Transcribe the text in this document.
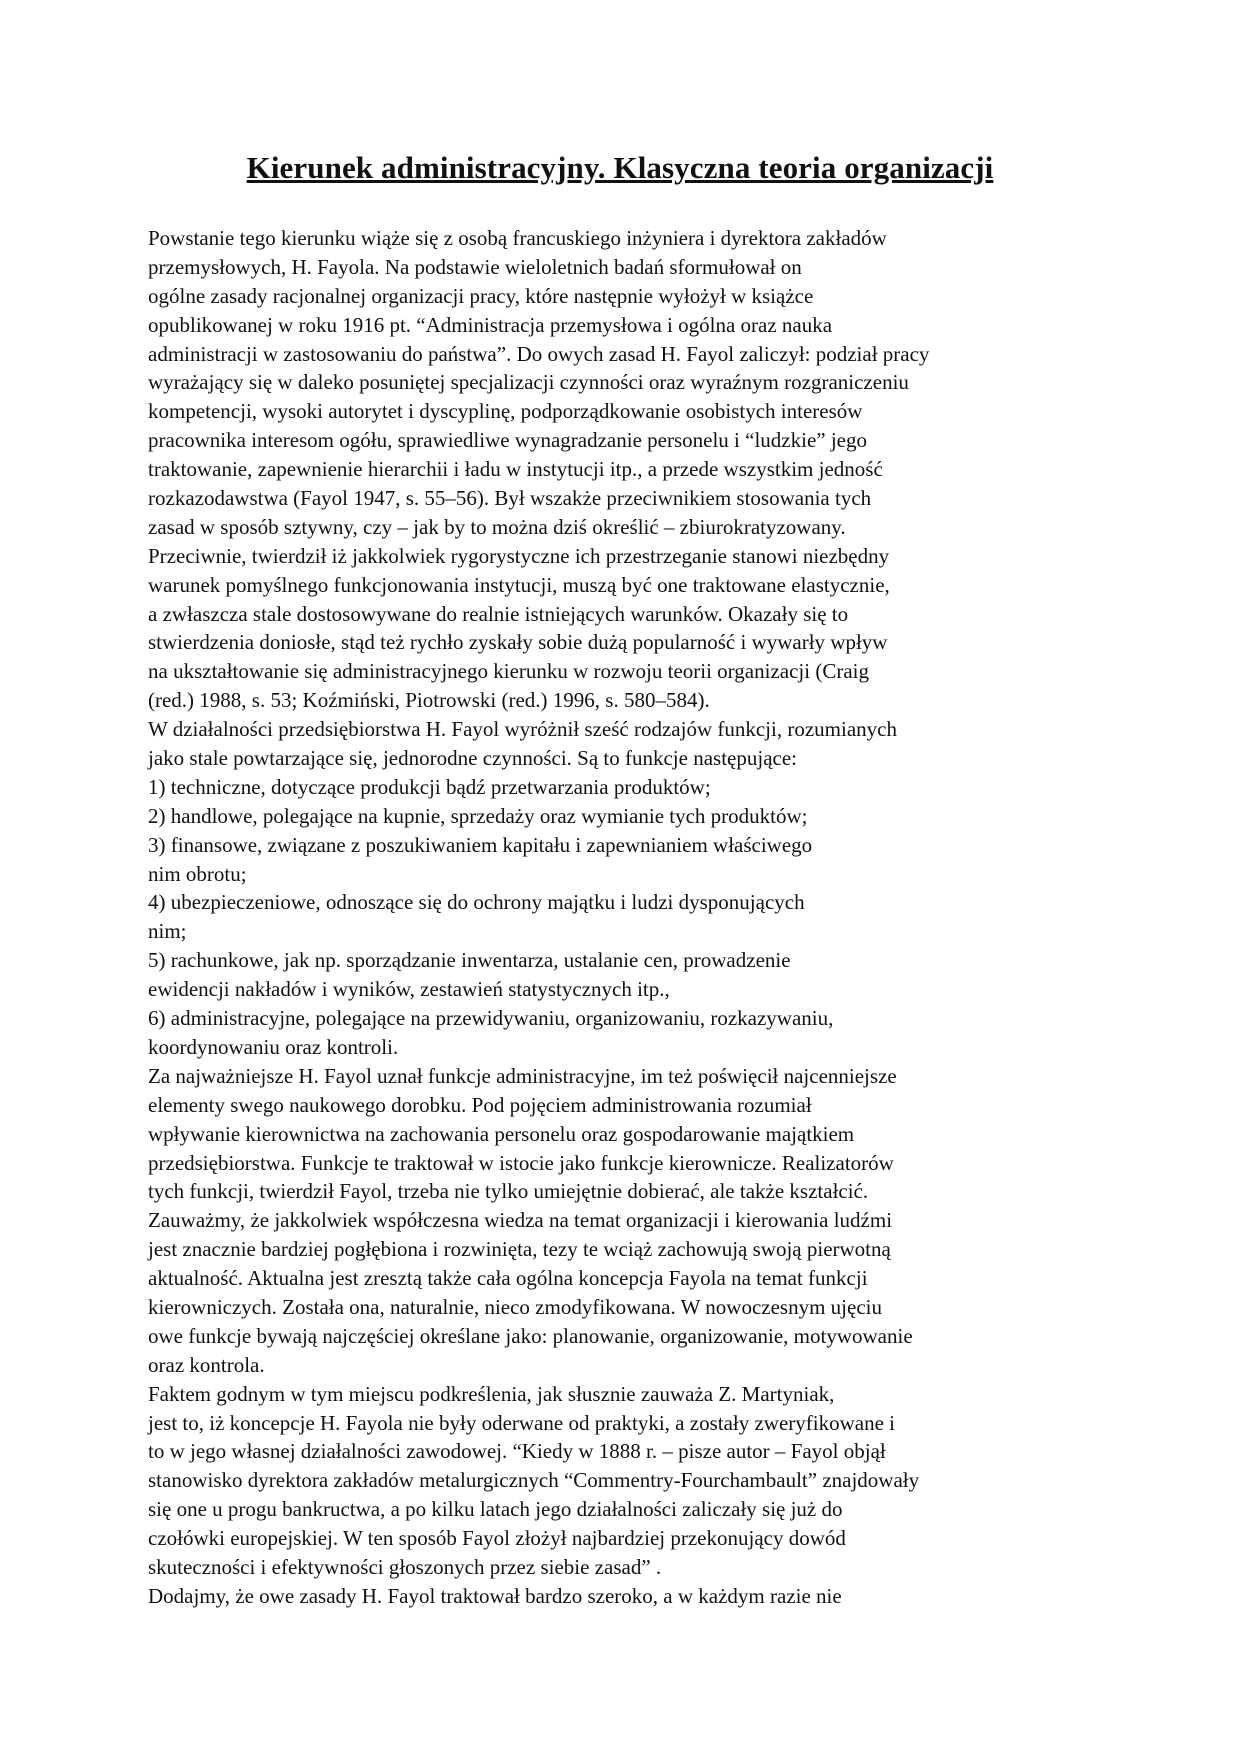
Kierunek administracyjny. Klasyczna teoria organizacji
Powstanie tego kierunku wiąże się z osobą francuskiego inżyniera i dyrektora zakładów
przemysłowych, H. Fayola. Na podstawie wieloletnich badań sformułował on
ogólne zasady racjonalnej organizacji pracy, które następnie wyłożył w książce
opublikowanej w roku 1916 pt. “Administracja przemysłowa i ogólna oraz nauka
administracji w zastosowaniu do państwa”. Do owych zasad H. Fayol zaliczył: podział pracy
wyrażający się w daleko posuniętej specjalizacji czynności oraz wyraźnym rozgraniczeniu
kompetencji, wysoki autorytet i dyscyplinę, podporządkowanie osobistych interesów
pracownika interesom ogółu, sprawiedliwe wynagradzanie personelu i “ludzkie” jego
traktowanie, zapewnienie hierarchii i ładu w instytucji itp., a przede wszystkim jedność
rozkazodawstwa (Fayol 1947, s. 55–56). Był wszakże przeciwnikiem stosowania tych
zasad w sposób sztywny, czy – jak by to można dziś określić – zbiurokratyzowany.
Przeciwnie, twierdził iż jakkolwiek rygorystyczne ich przestrzeganie stanowi niezbędny
warunek pomyślnego funkcjonowania instytucji, muszą być one traktowane elastycznie,
a zwłaszcza stale dostosowywane do realnie istniejących warunków. Okazały się to
stwierdzenia doniosłe, stąd też rychło zyskały sobie dużą popularność i wywarły wpływ
na ukształtowanie się administracyjnego kierunku w rozwoju teorii organizacji (Craig
(red.) 1988, s. 53; Koźmiński, Piotrowski (red.) 1996, s. 580–584).
W działalności przedsiębiorstwa H. Fayol wyróżnił sześć rodzajów funkcji, rozumianych
jako stale powtarzające się, jednorodne czynności. Są to funkcje następujące:
1) techniczne, dotyczące produkcji bądź przetwarzania produktów;
2) handlowe, polegające na kupnie, sprzedaży oraz wymianie tych produktów;
3) finansowe, związane z poszukiwaniem kapitału i zapewnianiem właściwego
nim obrotu;
4) ubezpieczeniowe, odnoszące się do ochrony majątku i ludzi dysponujących
nim;
5) rachunkowe, jak np. sporządzanie inwentarza, ustalanie cen, prowadzenie
ewidencji nakładów i wyników, zestawień statystycznych itp.,
6) administracyjne, polegające na przewidywaniu, organizowaniu, rozkazywaniu,
koordynowaniu oraz kontroli.
Za najważniejsze H. Fayol uznał funkcje administracyjne, im też poświęcił najcenniejsze
elementy swego naukowego dorobku. Pod pojęciem administrowania rozumiał
wpływanie kierownictwa na zachowania personelu oraz gospodarowanie majątkiem
przedsiębiorstwa. Funkcje te traktował w istocie jako funkcje kierownicze. Realizatorów
tych funkcji, twierdził Fayol, trzeba nie tylko umiejętnie dobierać, ale także kształcić.
Zauważmy, że jakkolwiek współczesna wiedza na temat organizacji i kierowania ludźmi
jest znacznie bardziej pogłębiona i rozwinięta, tezy te wciąż zachowują swoją pierwotną
aktualność. Aktualna jest zresztą także cała ogólna koncepcja Fayola na temat funkcji
kierowniczych. Została ona, naturalnie, nieco zmodyfikowana. W nowoczesnym ujęciu
owe funkcje bywają najczęściej określane jako: planowanie, organizowanie, motywowanie
oraz kontrola.
Faktem godnym w tym miejscu podkreślenia, jak słusznie zauważa Z. Martyniak,
jest to, iż koncepcje H. Fayola nie były oderwane od praktyki, a zostały zweryfikowane i
to w jego własnej działalności zawodowej. “Kiedy w 1888 r. – pisze autor – Fayol objął
stanowisko dyrektora zakładów metalurgicznych “Commentry-Fourchambault” znajdowały
się one u progu bankructwa, a po kilku latach jego działalności zaliczały się już do
czołówki europejskiej. W ten sposób Fayol złożył najbardziej przekonujący dowód
skuteczności i efektywności głoszonych przez siebie zasad” .
Dodajmy, że owe zasady H. Fayol traktował bardzo szeroko, a w każdym razie nie
